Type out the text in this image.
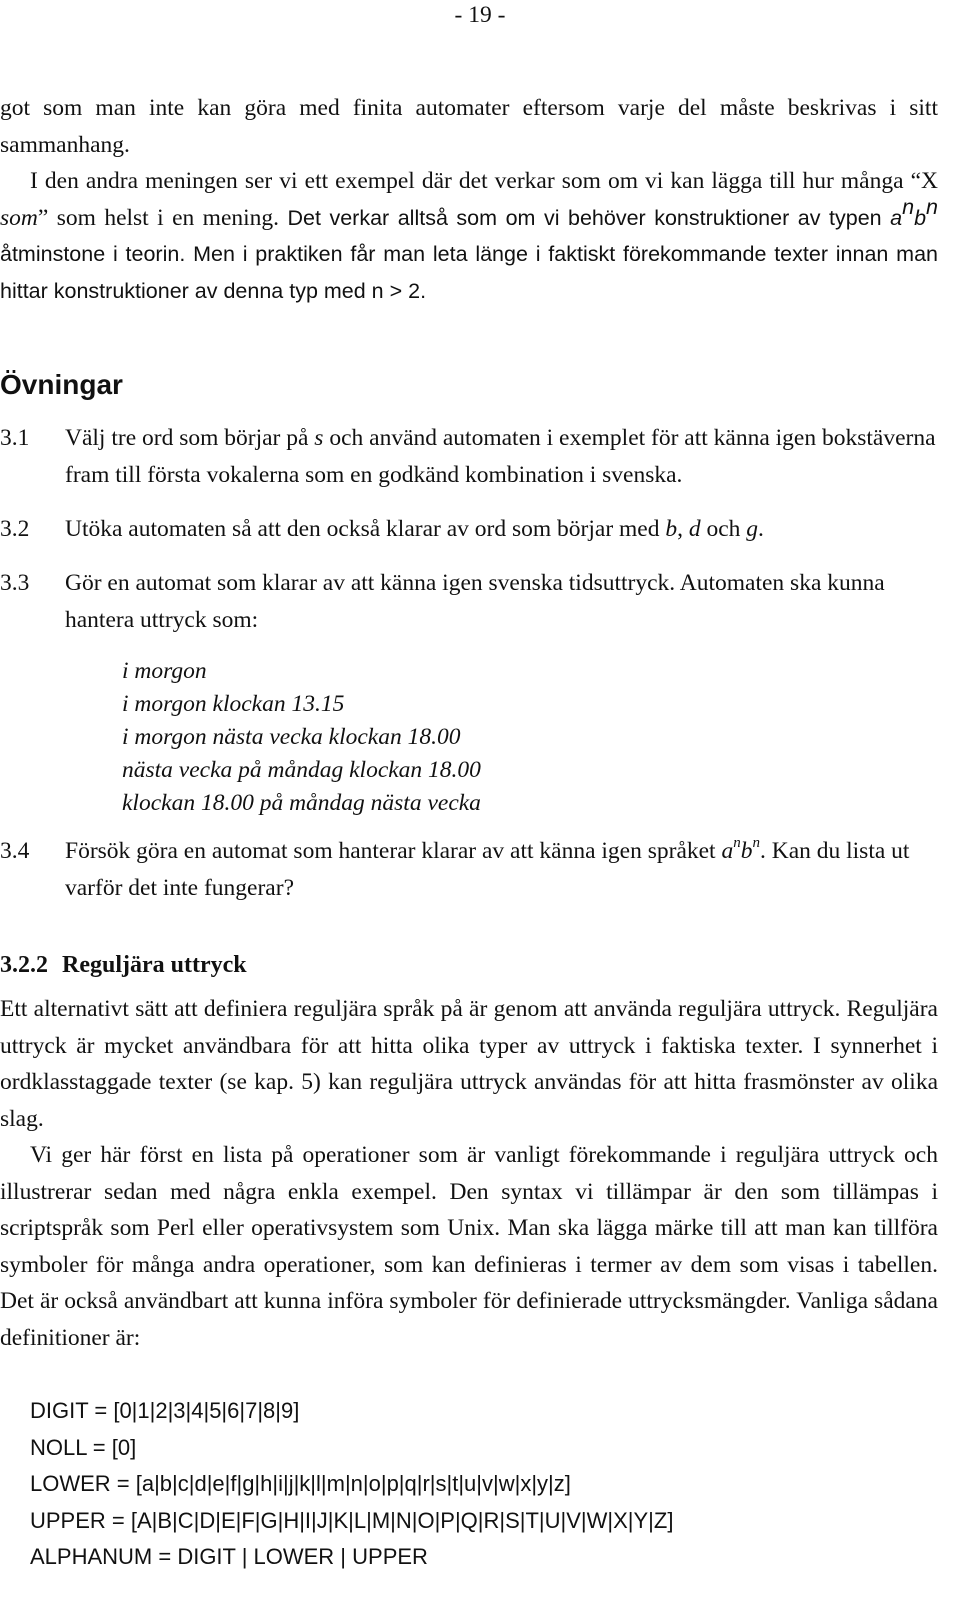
- 19 -
got som man inte kan göra med finita automater eftersom varje del måste beskrivas i sitt sammanhang.
I den andra meningen ser vi ett exempel där det verkar som om vi kan lägga till hur många “X som” som helst i en mening. Det verkar alltså som om vi behöver konstruktioner av typen $a^nb^n$ åtminstone i teorin. Men i praktiken får man leta länge i faktiskt förekommande texter innan man hittar konstruktioner av denna typ med n > 2.
Övningar
3.1 Välj tre ord som börjar på s och använd automaten i exemplet för att känna igen bokstäverna fram till första vokalerna som en godkänd kombination i svenska.
3.2 Utöka automaten så att den också klarar av ord som börjar med b, d och g.
3.3 Gör en automat som klarar av att känna igen svenska tidsuttryck. Automaten ska kunna hantera uttryck som:
i morgon
i morgon klockan 13.15
i morgon nästa vecka klockan 18.00
nästa vecka på måndag klockan 18.00
klockan 18.00 på måndag nästa vecka
3.4 Försök göra en automat som hanterar klarar av att känna igen språket $a^nb^n$. Kan du lista ut varför det inte fungerar?
3.2.2 Reguljära uttryck
Ett alternativt sätt att definiera reguljära språk på är genom att använda reguljära uttryck. Reguljära uttryck är mycket användbara för att hitta olika typer av uttryck i faktiska texter. I synnerhet i ordklasstaggade texter (se kap. 5) kan reguljära uttryck användas för att hitta frasmönster av olika slag.
Vi ger här först en lista på operationer som är vanligt förekommande i reguljära uttryck och illustrerar sedan med några enkla exempel. Den syntax vi tillämpar är den som tillämpas i scriptspråk som Perl eller operativsystem som Unix. Man ska lägga märke till att man kan tillföra symboler för många andra operationer, som kan definieras i termer av dem som visas i tabellen. Det är också användbart att kunna införa symboler för definierade uttrycksmängder. Vanliga sådana definitioner är:
DIGIT = [0|1|2|3|4|5|6|7|8|9]
NOLL = [0]
LOWER = [a|b|c|d|e|f|g|h|i|j|k|l|m|n|o|p|q|r|s|t|u|v|w|x|y|z]
UPPER = [A|B|C|D|E|F|G|H|I|J|K|L|M|N|O|P|Q|R|S|T|U|V|W|X|Y|Z]
ALPHANUM = DIGIT | LOWER | UPPER
